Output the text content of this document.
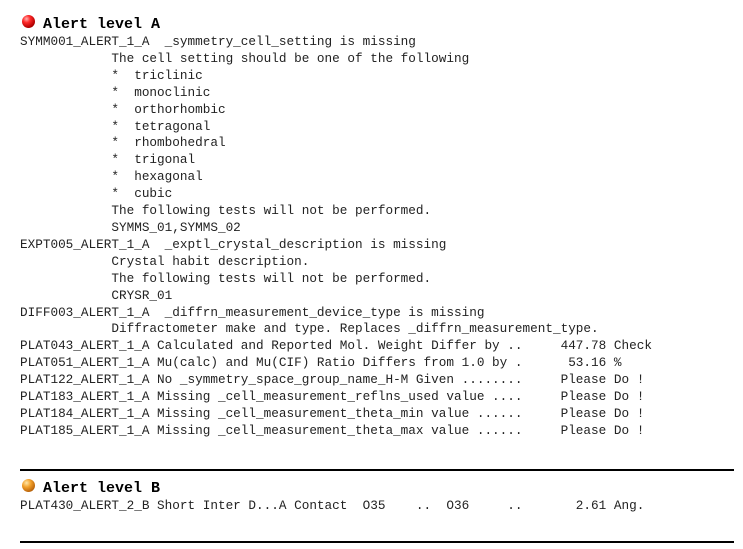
Alert level A
SYMM001_ALERT_1_A  _symmetry_cell_setting is missing
The cell setting should be one of the following
*  triclinic
*  monoclinic
*  orthorhombic
*  tetragonal
*  rhombohedral
*  trigonal
*  hexagonal
*  cubic
The following tests will not be performed.
SYMMS_01,SYMMS_02
EXPT005_ALERT_1_A  _exptl_crystal_description is missing
Crystal habit description.
The following tests will not be performed.
CRYSR_01
DIFF003_ALERT_1_A  _diffrn_measurement_device_type is missing
Diffractometer make and type. Replaces _diffrn_measurement_type.
PLAT043_ALERT_1_A Calculated and Reported Mol. Weight Differ by ..     447.78 Check
PLAT051_ALERT_1_A Mu(calc) and Mu(CIF) Ratio Differs from 1.0 by .      53.16 %
PLAT122_ALERT_1_A No _symmetry_space_group_name_H-M Given ........     Please Do !
PLAT183_ALERT_1_A Missing _cell_measurement_reflns_used value ....     Please Do !
PLAT184_ALERT_1_A Missing _cell_measurement_theta_min value ......     Please Do !
PLAT185_ALERT_1_A Missing _cell_measurement_theta_max value ......     Please Do !

Alert level B
PLAT430_ALERT_2_B Short Inter D...A Contact  O35    ..  O36     ..       2.61 Ang.
